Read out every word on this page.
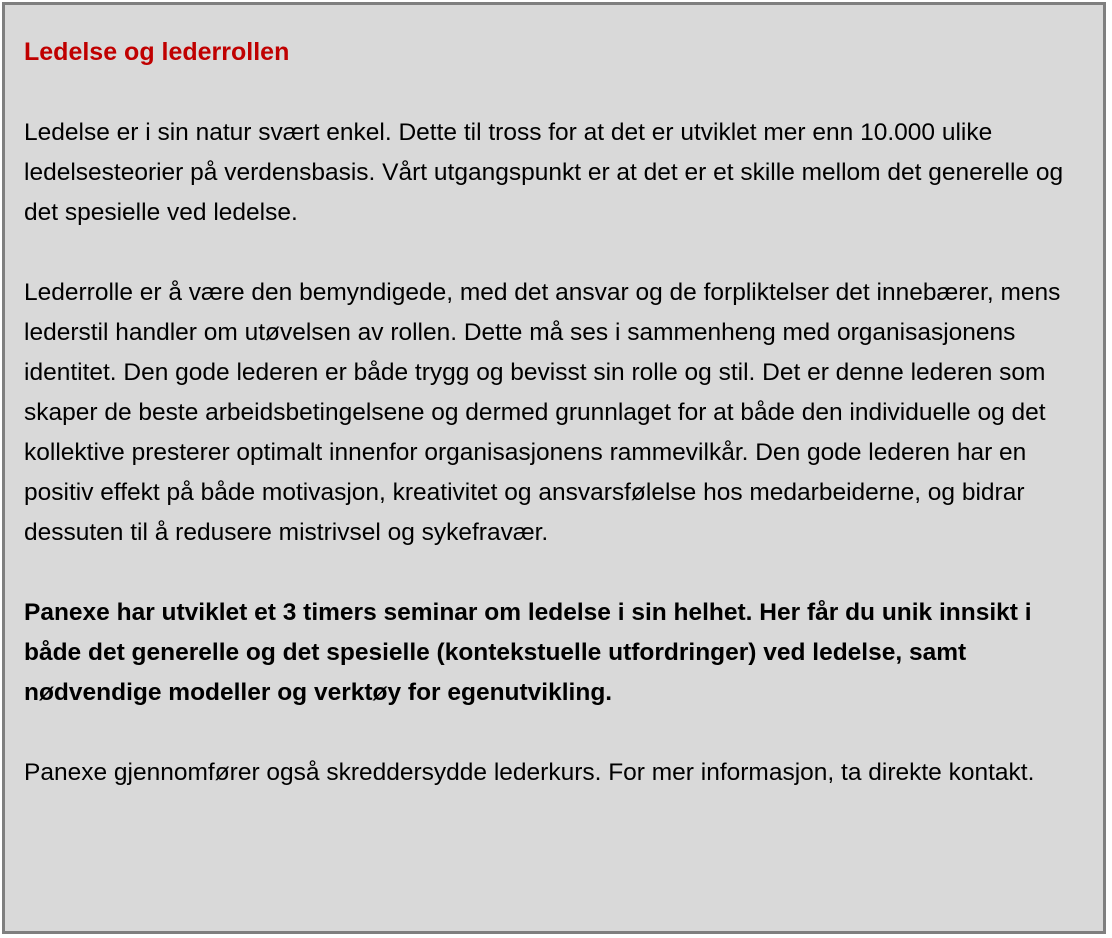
Ledelse og lederrollen

Ledelse er i sin natur svært enkel. Dette til tross for at det er utviklet mer enn 10.000 ulike ledelsesteorier på verdensbasis. Vårt utgangspunkt er at det er et skille mellom det generelle og det spesielle ved ledelse.

Lederrolle er å være den bemyndigede, med det ansvar og de forpliktelser det innebærer, mens lederstil handler om utøvelsen av rollen. Dette må ses i sammenheng med organisasjonens identitet. Den gode lederen er både trygg og bevisst sin rolle og stil. Det er denne lederen som skaper de beste arbeidsbetingelsene og dermed grunnlaget for at både den individuelle og det kollektive presterer optimalt innenfor organisasjonens rammevilkår. Den gode lederen har en positiv effekt på både motivasjon, kreativitet og ansvarsfølelse hos medarbeiderne, og bidrar dessuten til å redusere mistrivsel og sykefravær.

Panexe har utviklet et 3 timers seminar om ledelse i sin helhet. Her får du unik innsikt i både det generelle og det spesielle (kontekstuelle utfordringer) ved ledelse, samt nødvendige modeller og verktøy for egenutvikling.

Panexe gjennomfører også skreddersydde lederkurs. For mer informasjon, ta direkte kontakt.
